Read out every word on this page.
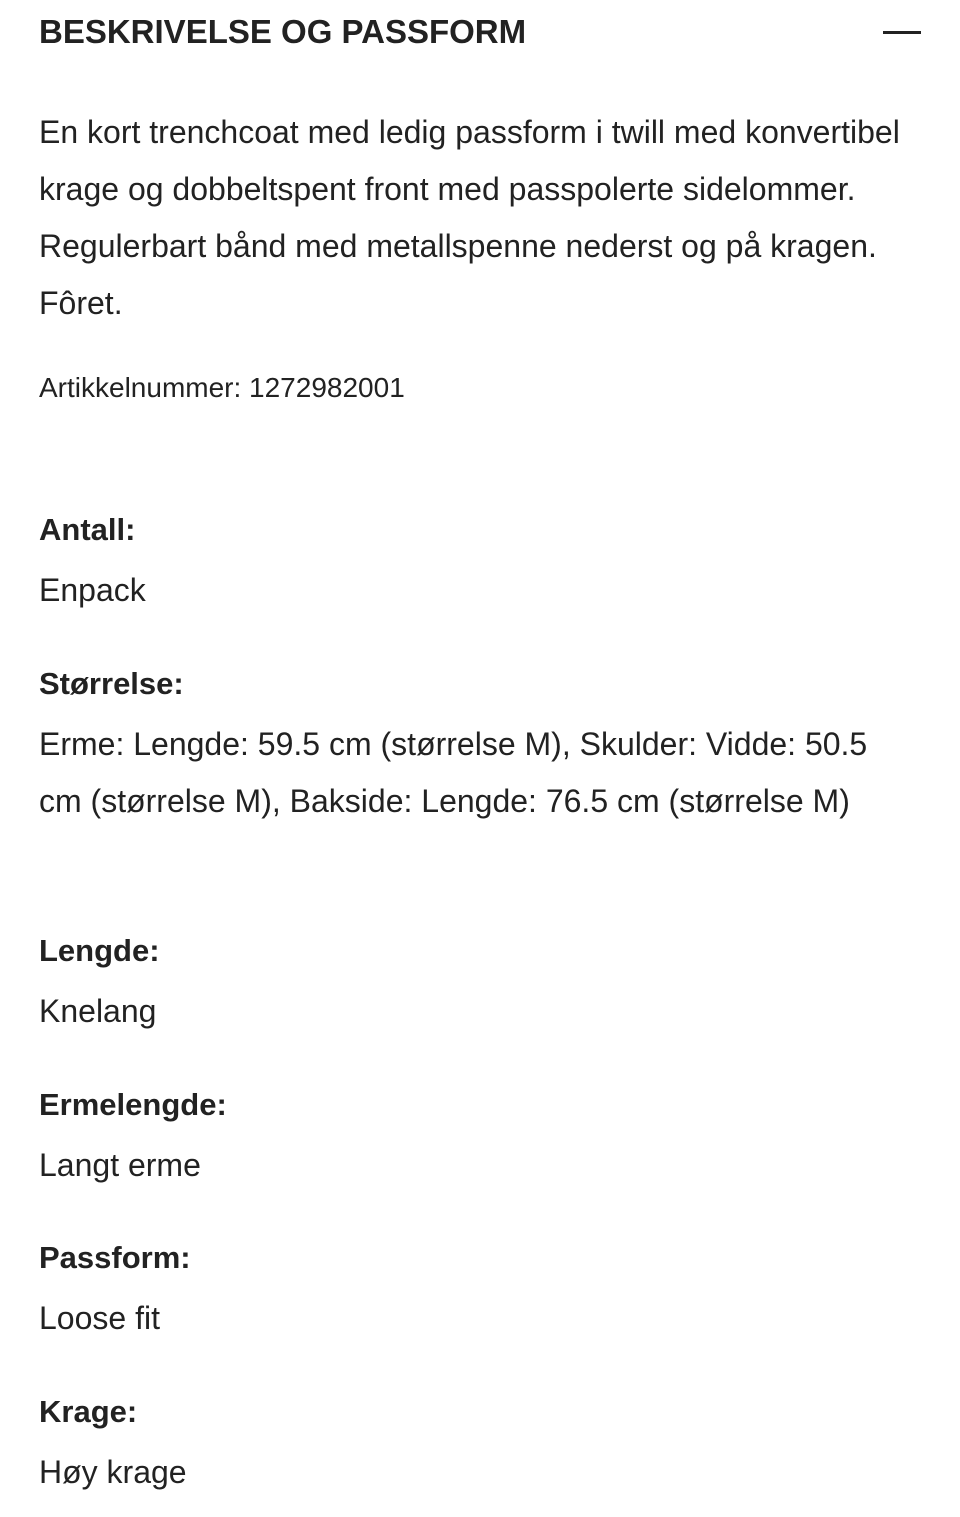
BESKRIVELSE OG PASSFORM
En kort trenchcoat med ledig passform i twill med konvertibel krage og dobbeltspent front med passpolerte sidelommer. Regulerbart bånd med metallspenne nederst og på kragen. Fôret.
Artikkelnummer: 1272982001
Antall:
Enpack
Størrelse:
Erme: Lengde: 59.5 cm (størrelse M), Skulder: Vidde: 50.5 cm (størrelse M), Bakside: Lengde: 76.5 cm (størrelse M)
Lengde:
Knelang
Ermelengde:
Langt erme
Passform:
Loose fit
Krage:
Høy krage
